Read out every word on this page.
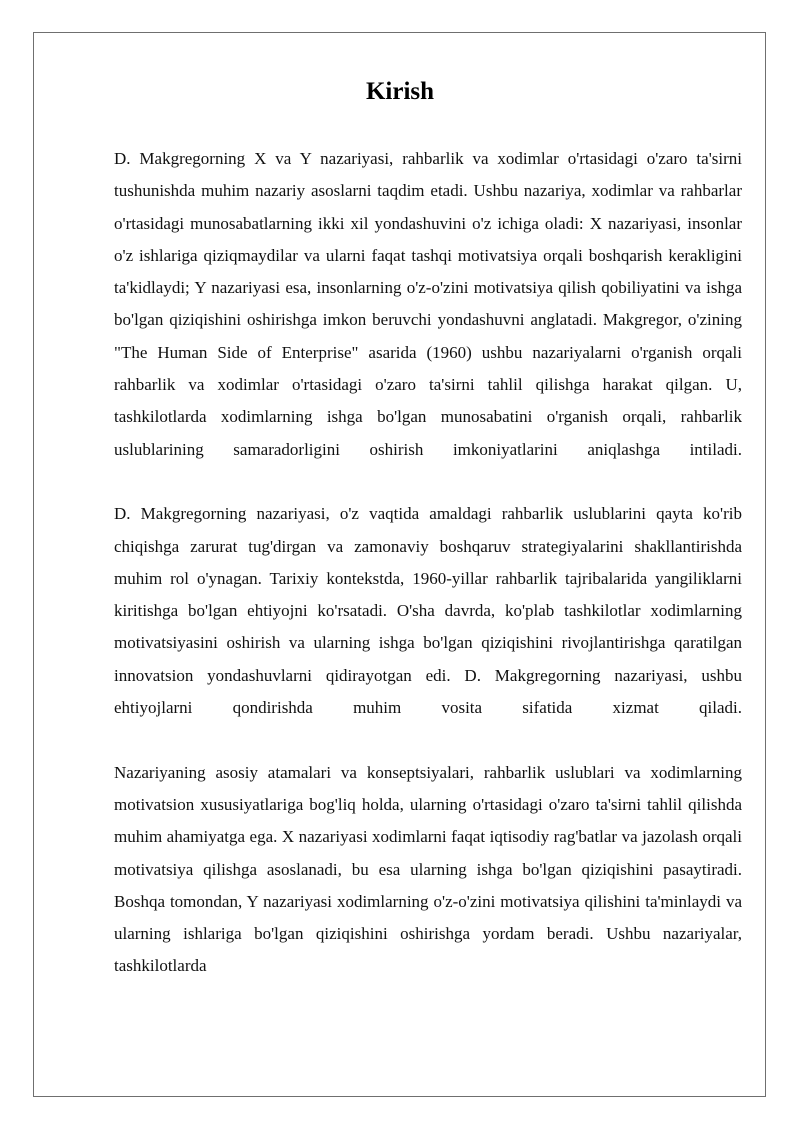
Kirish

D. Makgregorning X va Y nazariyasi, rahbarlik va xodimlar o'rtasidagi o'zaro ta'sirni tushunishda muhim nazariy asoslarni taqdim etadi. Ushbu nazariya, xodimlar va rahbarlar o'rtasidagi munosabatlarning ikki xil yondashuvini o'z ichiga oladi: X nazariyasi, insonlar o'z ishlariga qiziqmaydilar va ularni faqat tashqi motivatsiya orqali boshqarish kerakligini ta'kidlaydi; Y nazariyasi esa, insonlarning o'z-o'zini motivatsiya qilish qobiliyatini va ishga bo'lgan qiziqishini oshirishga imkon beruvchi yondashuvni anglatadi. Makgregor, o'zining "The Human Side of Enterprise" asarida (1960) ushbu nazariyalarni o'rganish orqali rahbarlik va xodimlar o'rtasidagi o'zaro ta'sirni tahlil qilishga harakat qilgan. U, tashkilotlarda xodimlarning ishga bo'lgan munosabatini o'rganish orqali, rahbarlik uslublarining samaradorligini oshirish imkoniyatlarini aniqlashga intiladi.

D. Makgregorning nazariyasi, o'z vaqtida amaldagi rahbarlik uslublarini qayta ko'rib chiqishga zarurat tug'dirgan va zamonaviy boshqaruv strategiyalarini shakllantirishda muhim rol o'ynagan. Tarixiy kontekstda, 1960-yillar rahbarlik tajribalarida yangiliklarni kiritishga bo'lgan ehtiyojni ko'rsatadi. O'sha davrda, ko'plab tashkilotlar xodimlarning motivatsiyasini oshirish va ularning ishga bo'lgan qiziqishini rivojlantirishga qaratilgan innovatsion yondashuvlarni qidirayotgan edi. D. Makgregorning nazariyasi, ushbu ehtiyojlarni qondirishda muhim vosita sifatida xizmat qiladi.

Nazariyaning asosiy atamalari va konseptsiyalari, rahbarlik uslublari va xodimlarning motivatsion xususiyatlariga bog'liq holda, ularning o'rtasidagi o'zaro ta'sirni tahlil qilishda muhim ahamiyatga ega. X nazariyasi xodimlarni faqat iqtisodiy rag'batlar va jazolash orqali motivatsiya qilishga asoslanadi, bu esa ularning ishga bo'lgan qiziqishini pasaytiradi. Boshqa tomondan, Y nazariyasi xodimlarning o'z-o'zini motivatsiya qilishini ta'minlaydi va ularning ishlariga bo'lgan qiziqishini oshirishga yordam beradi. Ushbu nazariyalar, tashkilotlarda
